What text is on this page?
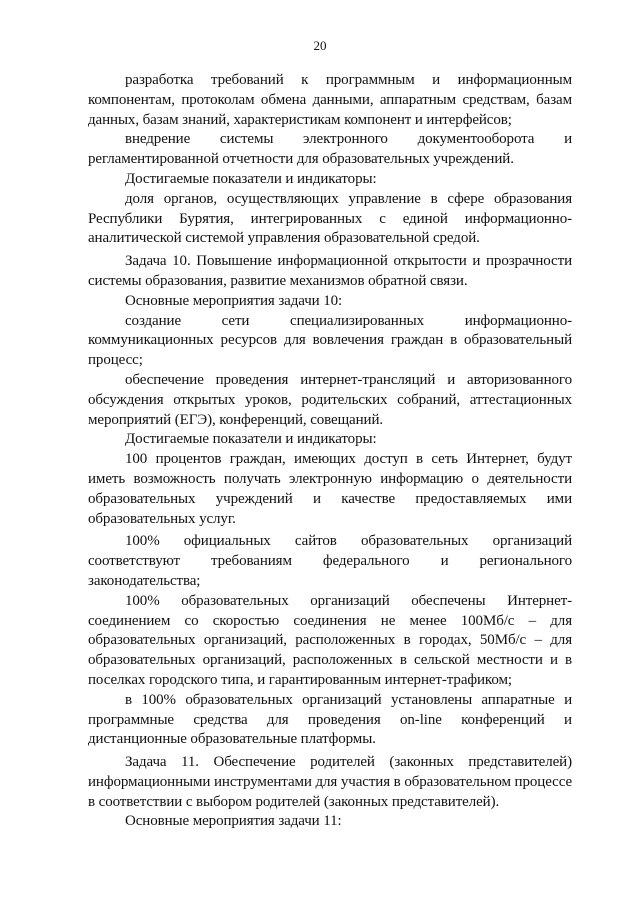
20

разработка требований к программным и информационным компонентам, протоколам обмена данными, аппаратным средствам, базам данных, базам знаний, характеристикам компонент и интерфейсов;

внедрение системы электронного документооборота и регламентированной отчетности для образовательных учреждений.

Достигаемые показатели и индикаторы:

доля органов, осуществляющих управление в сфере образования Республики Бурятия, интегрированных с единой информационно-аналитической системой управления образовательной средой.

Задача 10. Повышение информационной открытости и прозрачности системы образования, развитие механизмов обратной связи.

Основные мероприятия задачи 10:

создание сети специализированных информационно-коммуникационных ресурсов для вовлечения граждан в образовательный процесс;

обеспечение проведения интернет-трансляций и авторизованного обсуждения открытых уроков, родительских собраний, аттестационных мероприятий (ЕГЭ), конференций, совещаний.

Достигаемые показатели и индикаторы:

100 процентов граждан, имеющих доступ в сеть Интернет, будут иметь возможность получать электронную информацию о деятельности образовательных учреждений и качестве предоставляемых ими образовательных услуг.

100% официальных сайтов образовательных организаций соответствуют требованиям федерального и регионального законодательства;

100% образовательных организаций обеспечены Интернет-соединением со скоростью соединения не менее 100Мб/с – для образовательных организаций, расположенных в городах, 50Мб/с – для образовательных организаций, расположенных в сельской местности и в поселках городского типа, и гарантированным интернет-трафиком;

в 100% образовательных организаций установлены аппаратные и программные средства для проведения on-line конференций и дистанционные образовательные платформы.

Задача 11. Обеспечение родителей (законных представителей) информационными инструментами для участия в образовательном процессе в соответствии с выбором родителей (законных представителей).

Основные мероприятия задачи 11:
